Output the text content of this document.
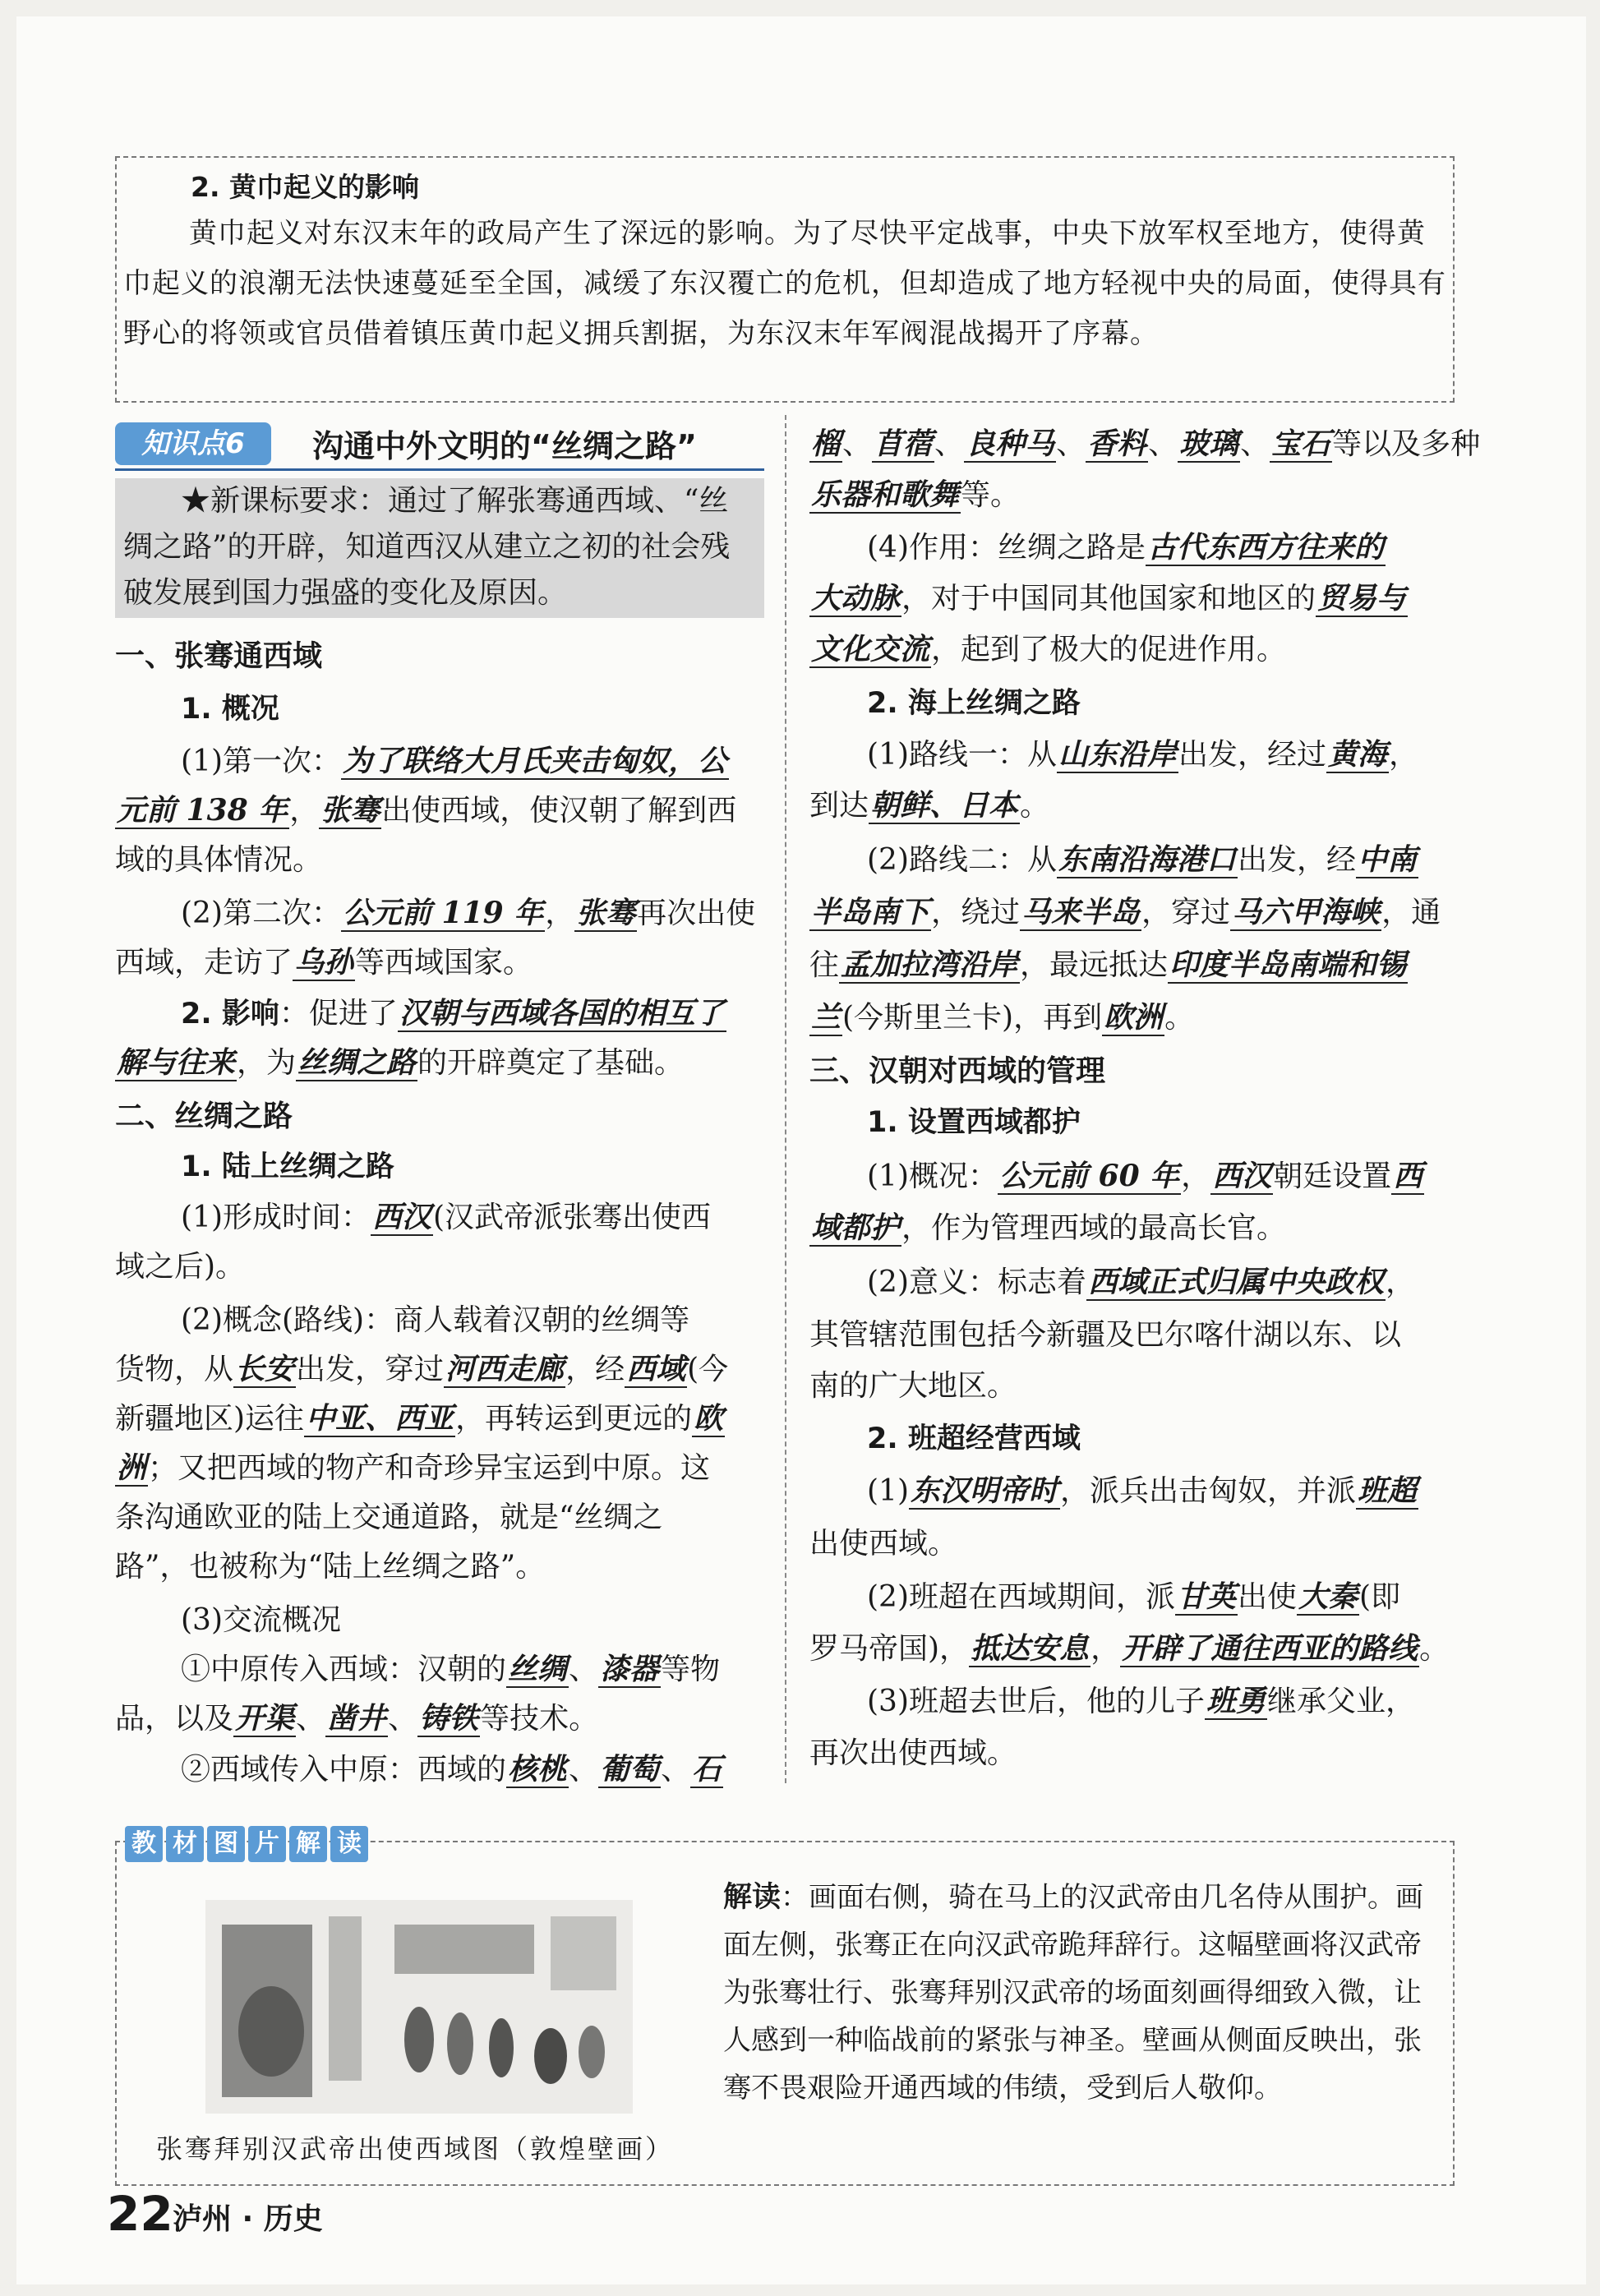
2. 黄巾起义的影响
黄巾起义对东汉末年的政局产生了深远的影响。为了尽快平定战事，中央下放军权至地方，使得黄巾起义的浪潮无法快速蔓延至全国，减缓了东汉覆亡的危机，但却造成了地方轻视中央的局面，使得具有野心的将领或官员借着镇压黄巾起义拥兵割据，为东汉末年军阀混战揭开了序幕。
知识点6	沟通中外文明的“丝绸之路”
★新课标要求：通过了解张骞通西域、“丝绸之路”的开辟，知道西汉从建立之初的社会残破发展到国力强盛的变化及原因。
一、张骞通西域
1. 概况
(1)第一次：为了联络大月氏夹击匈奴，公
元前 138 年，张骞出使西域，使汉朝了解到西
域的具体情况。
(2)第二次：公元前 119 年，张骞再次出使
西域，走访了乌孙等西域国家。
2. 影响：促进了汉朝与西域各国的相互了
解与往来，为丝绸之路的开辟奠定了基础。
二、丝绸之路
1. 陆上丝绸之路
(1)形成时间：西汉(汉武帝派张骞出使西
域之后)。
(2)概念(路线)：商人载着汉朝的丝绸等
货物，从长安出发，穿过河西走廊，经西域(今
新疆地区)运往中亚、西亚，再转运到更远的欧
洲；又把西域的物产和奇珍异宝运到中原。这
条沟通欧亚的陆上交通道路，就是“丝绸之
路”，也被称为“陆上丝绸之路”。
(3)交流概况
①中原传入西域：汉朝的丝绸、漆器等物
品，以及开渠、凿井、铸铁等技术。
②西域传入中原：西域的核桃、葡萄、石
榴、苜蓿、良种马、香料、玻璃、宝石等以及多种
乐器和歌舞等。
(4)作用：丝绸之路是古代东西方往来的
大动脉，对于中国同其他国家和地区的贸易与
文化交流，起到了极大的促进作用。
2. 海上丝绸之路
(1)路线一：从山东沿岸出发，经过黄海，
到达朝鲜、日本。
(2)路线二：从东南沿海港口出发，经中南
半岛南下，绕过马来半岛，穿过马六甲海峡，通
往孟加拉湾沿岸，最远抵达印度半岛南端和锡
兰(今斯里兰卡)，再到欧洲。
三、汉朝对西域的管理
1. 设置西域都护
(1)概况：公元前 60 年，西汉朝廷设置西
域都护，作为管理西域的最高长官。
(2)意义：标志着西域正式归属中央政权，
其管辖范围包括今新疆及巴尔喀什湖以东、以
南的广大地区。
2. 班超经营西域
(1)东汉明帝时，派兵出击匈奴，并派班超
出使西域。
(2)班超在西域期间，派甘英出使大秦(即
罗马帝国)，抵达安息，开辟了通往西亚的路线。
(3)班超去世后，他的儿子班勇继承父业，
再次出使西域。
教 材 图 片 解 读
张骞拜别汉武帝出使西域图（敦煌壁画）
解读：画面右侧，骑在马上的汉武帝由几名侍从围护。画面左侧，张骞正在向汉武帝跪拜辞行。这幅壁画将汉武帝为张骞壮行、张骞拜别汉武帝的场面刻画得细致入微，让人感到一种临战前的紧张与神圣。壁画从侧面反映出，张骞不畏艰险开通西域的伟绩，受到后人敬仰。
22 泸州 · 历史
